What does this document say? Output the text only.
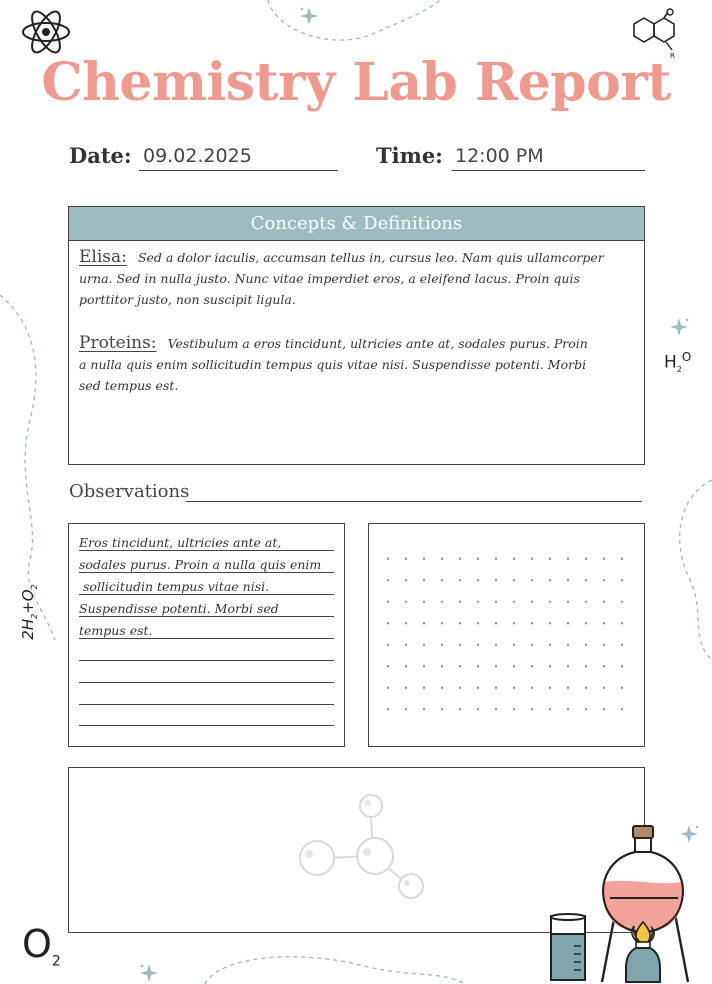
R
Chemistry Lab Report
Date: 09.02.2025	Time: 12:00 PM
Concepts & Definitions
Elisa: Sed a dolor iaculis, accumsan tellus in, cursus leo. Nam quis ullamcorper
urna. Sed in nulla justo. Nunc vitae imperdiet eros, a eleifend lacus. Proin quis
porttitor justo, non suscipit ligula.
Proteins: Vestibulum a eros tincidunt, ultricies ante at, sodales purus. Proin
a nulla quis enim sollicitudin tempus quis vitae nisi. Suspendisse potenti. Morbi
sed tempus est.
$H_2^O$
Observations
Eros tincidunt, ultricies ante at,
sodales purus. Proin a nulla quis enim
sollicitudin tempus vitae nisi.
Suspendisse potenti. Morbi sed
tempus est.
$2H_2+O_2$
$O_2$
